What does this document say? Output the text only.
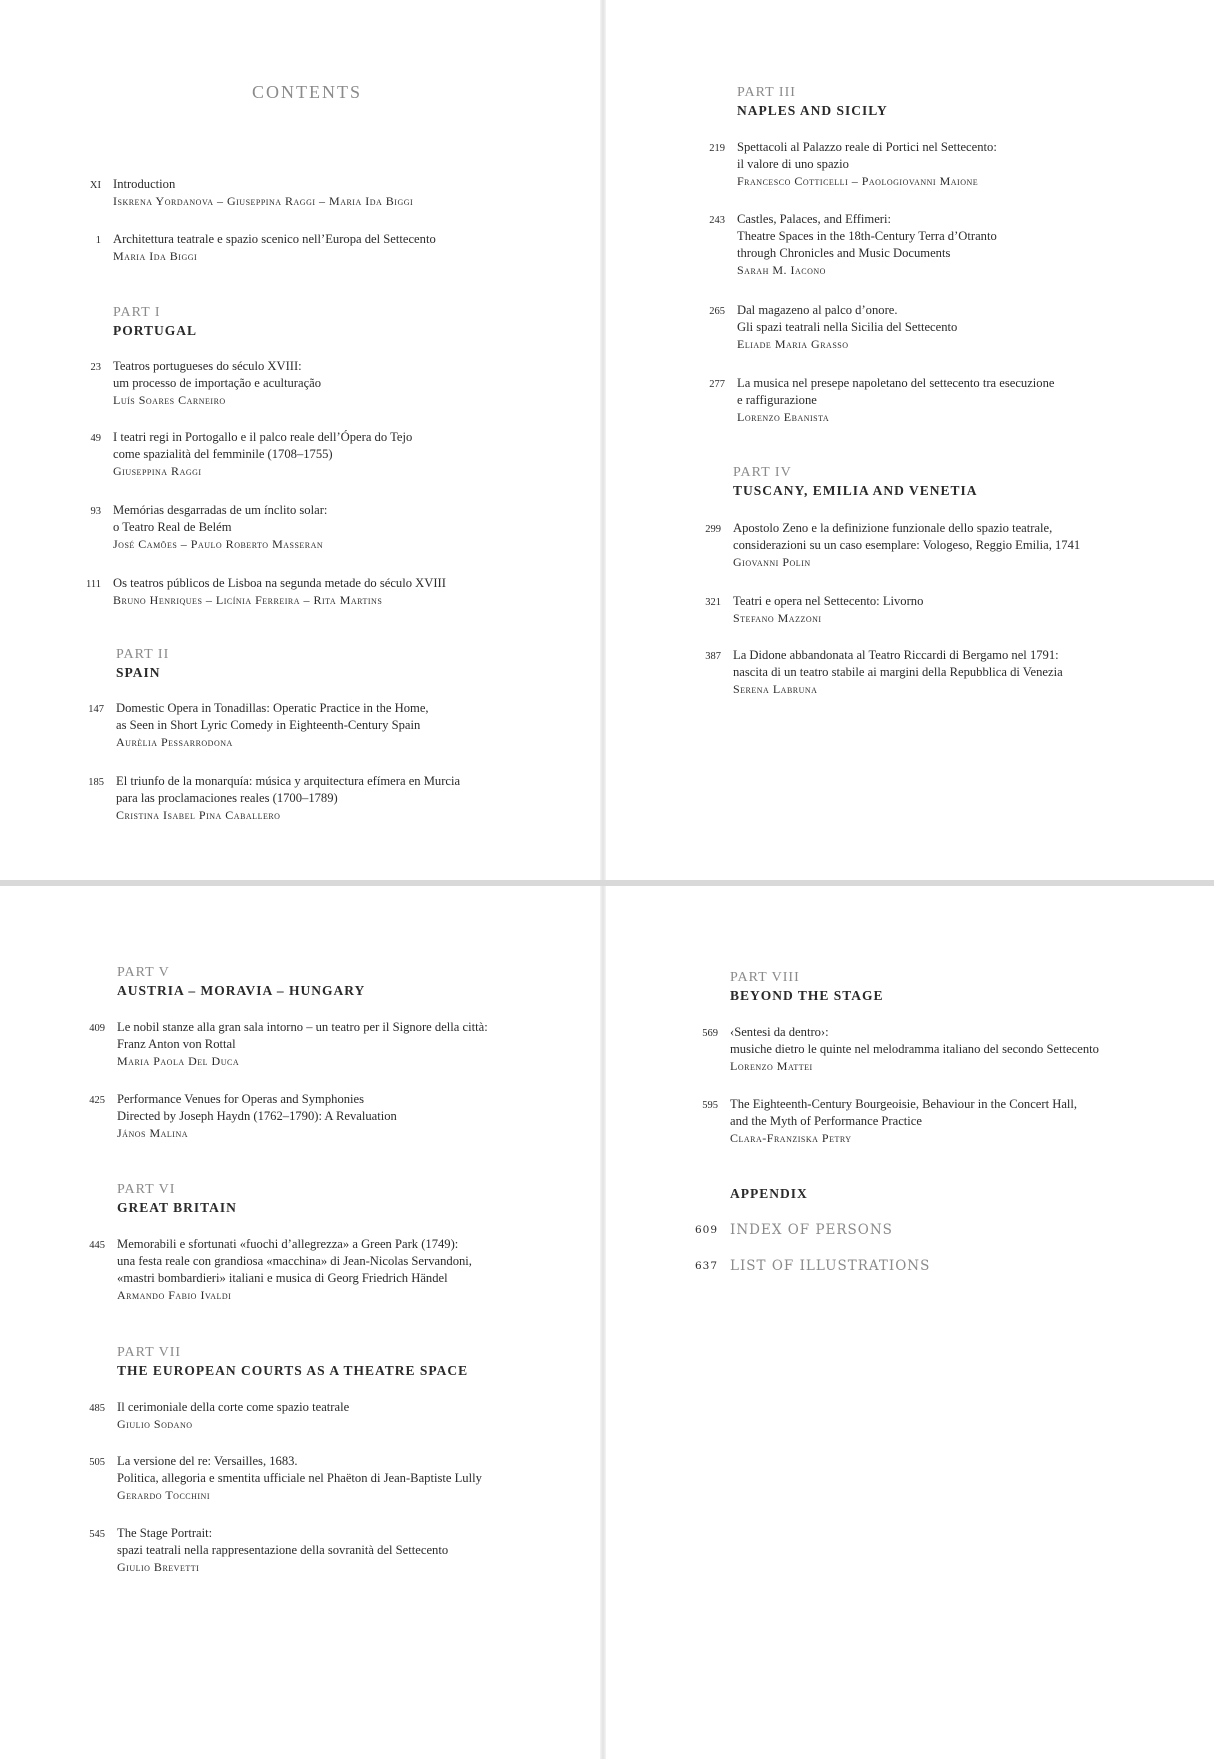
CONTENTS
XI Introduction
Iskrena Yordanova – Giuseppina Raggi – Maria Ida Biggi
1 Architettura teatrale e spazio scenico nell’Europa del Settecento
Maria Ida Biggi
PART I
PORTUGAL
23 Teatros portugueses do século XVIII:
um processo de importação e aculturação
Luís Soares Carneiro
49 I teatri regi in Portogallo e il palco reale dell’Ópera do Tejo
come spazialità del femminile (1708–1755)
Giuseppina Raggi
93 Memórias desgarradas de um ínclito solar:
o Teatro Real de Belém
José Camões – Paulo Roberto Masseran
111 Os teatros públicos de Lisboa na segunda metade do século XVIII
Bruno Henriques – Licínia Ferreira – Rita Martins
PART II
SPAIN
147 Domestic Opera in Tonadillas: Operatic Practice in the Home,
as Seen in Short Lyric Comedy in Eighteenth-Century Spain
Aurèlia Pessarrodona
185 El triunfo de la monarquía: música y arquitectura efímera en Murcia
para las proclamaciones reales (1700–1789)
Cristina Isabel Pina Caballero
PART III
NAPLES AND SICILY
219 Spettacoli al Palazzo reale di Portici nel Settecento:
il valore di uno spazio
Francesco Cotticelli – Paologiovanni Maione
243 Castles, Palaces, and Effimeri:
Theatre Spaces in the 18th-Century Terra d’Otranto
through Chronicles and Music Documents
Sarah M. Iacono
265 Dal magazeno al palco d’onore.
Gli spazi teatrali nella Sicilia del Settecento
Eliade Maria Grasso
277 La musica nel presepe napoletano del settecento tra esecuzione
e raffigurazione
Lorenzo Ebanista
PART IV
TUSCANY, EMILIA AND VENETIA
299 Apostolo Zeno e la definizione funzionale dello spazio teatrale,
considerazioni su un caso esemplare: Vologeso, Reggio Emilia, 1741
Giovanni Polin
321 Teatri e opera nel Settecento: Livorno
Stefano Mazzoni
387 La Didone abbandonata al Teatro Riccardi di Bergamo nel 1791:
nascita di un teatro stabile ai margini della Repubblica di Venezia
Serena Labruna
PART V
AUSTRIA – MORAVIA – HUNGARY
409 Le nobil stanze alla gran sala intorno – un teatro per il Signore della città:
Franz Anton von Rottal
Maria Paola Del Duca
425 Performance Venues for Operas and Symphonies
Directed by Joseph Haydn (1762–1790): A Revaluation
János Malina
PART VI
GREAT BRITAIN
445 Memorabili e sfortunati «fuochi d’allegrezza» a Green Park (1749):
una festa reale con grandiosa «macchina» di Jean-Nicolas Servandoni,
«mastri bombardieri» italiani e musica di Georg Friedrich Händel
Armando Fabio Ivaldi
PART VII
THE EUROPEAN COURTS AS A THEATRE SPACE
485 Il cerimoniale della corte come spazio teatrale
Giulio Sodano
505 La versione del re: Versailles, 1683.
Politica, allegoria e smentita ufficiale nel Phaëton di Jean-Baptiste Lully
Gerardo Tocchini
545 The Stage Portrait:
spazi teatrali nella rappresentazione della sovranità del Settecento
Giulio Brevetti
PART VIII
BEYOND THE STAGE
569 ‹Sentesi da dentro›:
musiche dietro le quinte nel melodramma italiano del secondo Settecento
Lorenzo Mattei
595 The Eighteenth-Century Bourgeoisie, Behaviour in the Concert Hall,
and the Myth of Performance Practice
Clara-Franziska Petry
APPENDIX
609 INDEX OF PERSONS
637 LIST OF ILLUSTRATIONS
